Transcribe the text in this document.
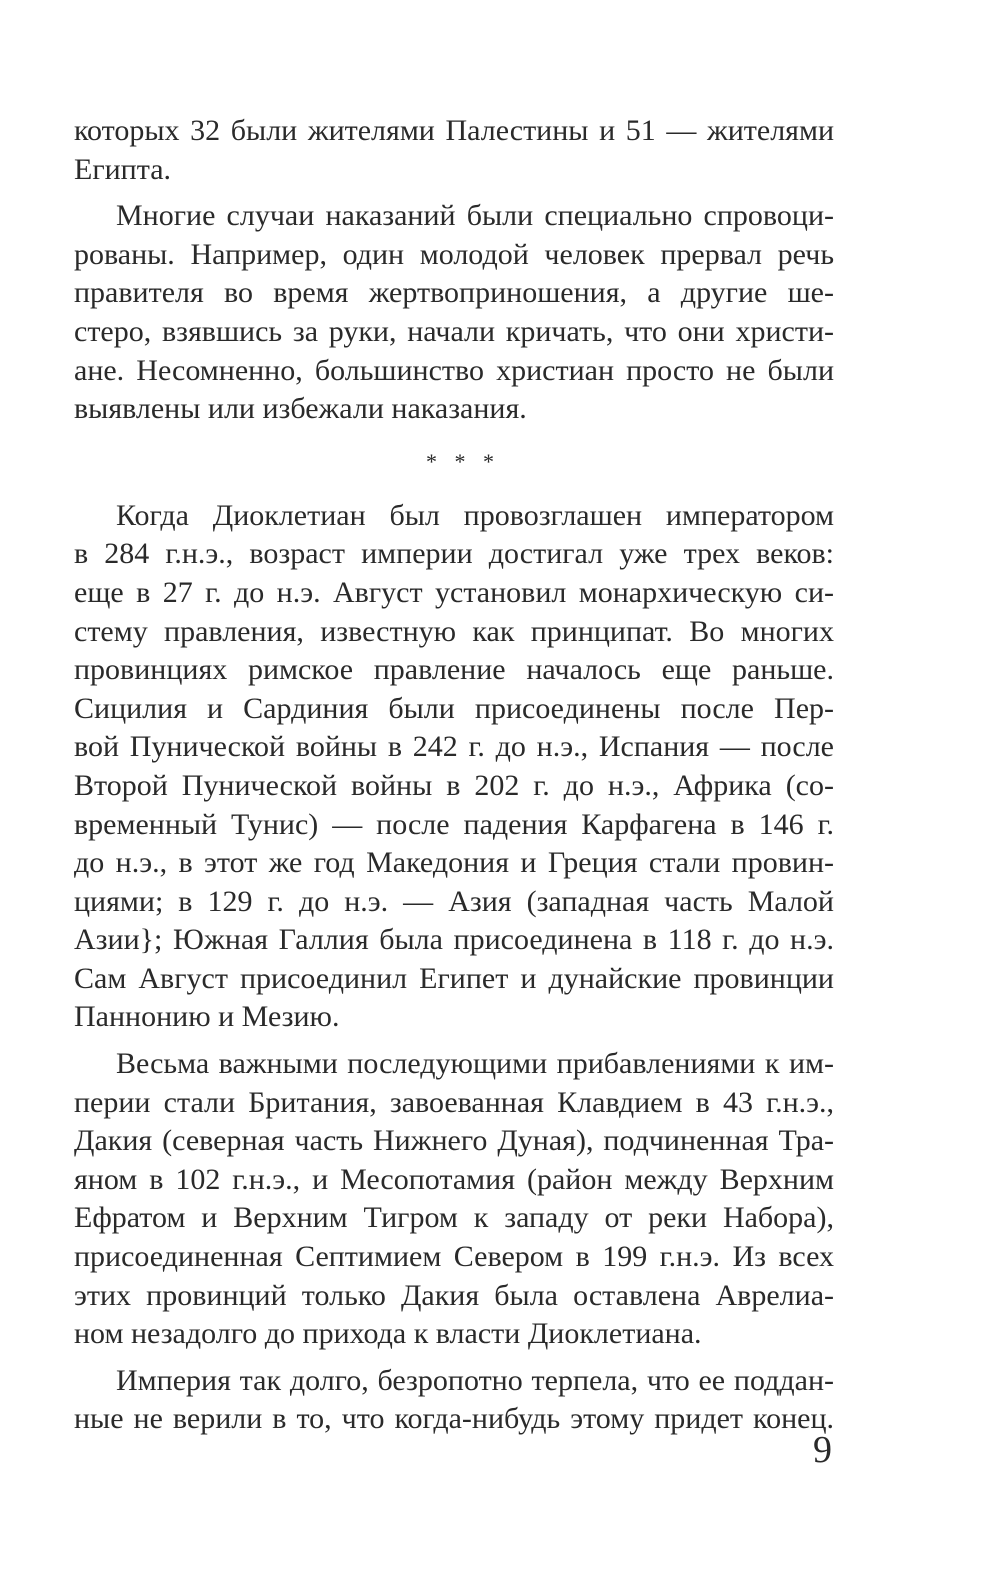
которых 32 были жителями Палестины и 51 — жителями
Египта.
Многие случаи наказаний были специально спровоци-
рованы. Например, один молодой человек прервал речь
правителя во время жертвоприношения, а другие ше-
стеро, взявшись за руки, начали кричать, что они христи-
ане. Несомненно, большинство христиан просто не были
выявлены или избежали наказания.
* * *
Когда Диоклетиан был провозглашен императором
в 284 г.н.э., возраст империи достигал уже трех веков:
еще в 27 г. до н.э. Август установил монархическую си-
стему правления, известную как принципат. Во многих
провинциях римское правление началось еще раньше.
Сицилия и Сардиния были присоединены после Пер-
вой Пунической войны в 242 г. до н.э., Испания — после
Второй Пунической войны в 202 г. до н.э., Африка (со-
временный Тунис) — после падения Карфагена в 146 г.
до н.э., в этот же год Македония и Греция стали провин-
циями; в 129 г. до н.э. — Азия (западная часть Малой
Азии}; Южная Галлия была присоединена в 118 г. до н.э.
Сам Август присоединил Египет и дунайские провинции
Паннонию и Мезию.
Весьма важными последующими прибавлениями к им-
перии стали Британия, завоеванная Клавдием в 43 г.н.э.,
Дакия (северная часть Нижнего Дуная), подчиненная Тра-
яном в 102 г.н.э., и Месопотамия (район между Верхним
Ефратом и Верхним Тигром к западу от реки Набора),
присоединенная Септимием Севером в 199 г.н.э. Из всех
этих провинций только Дакия была оставлена Аврелиа-
ном незадолго до прихода к власти Диоклетиана.
Империя так долго, безропотно терпела, что ее поддан-
ные не верили в то, что когда-нибудь этому придет конец.
9
